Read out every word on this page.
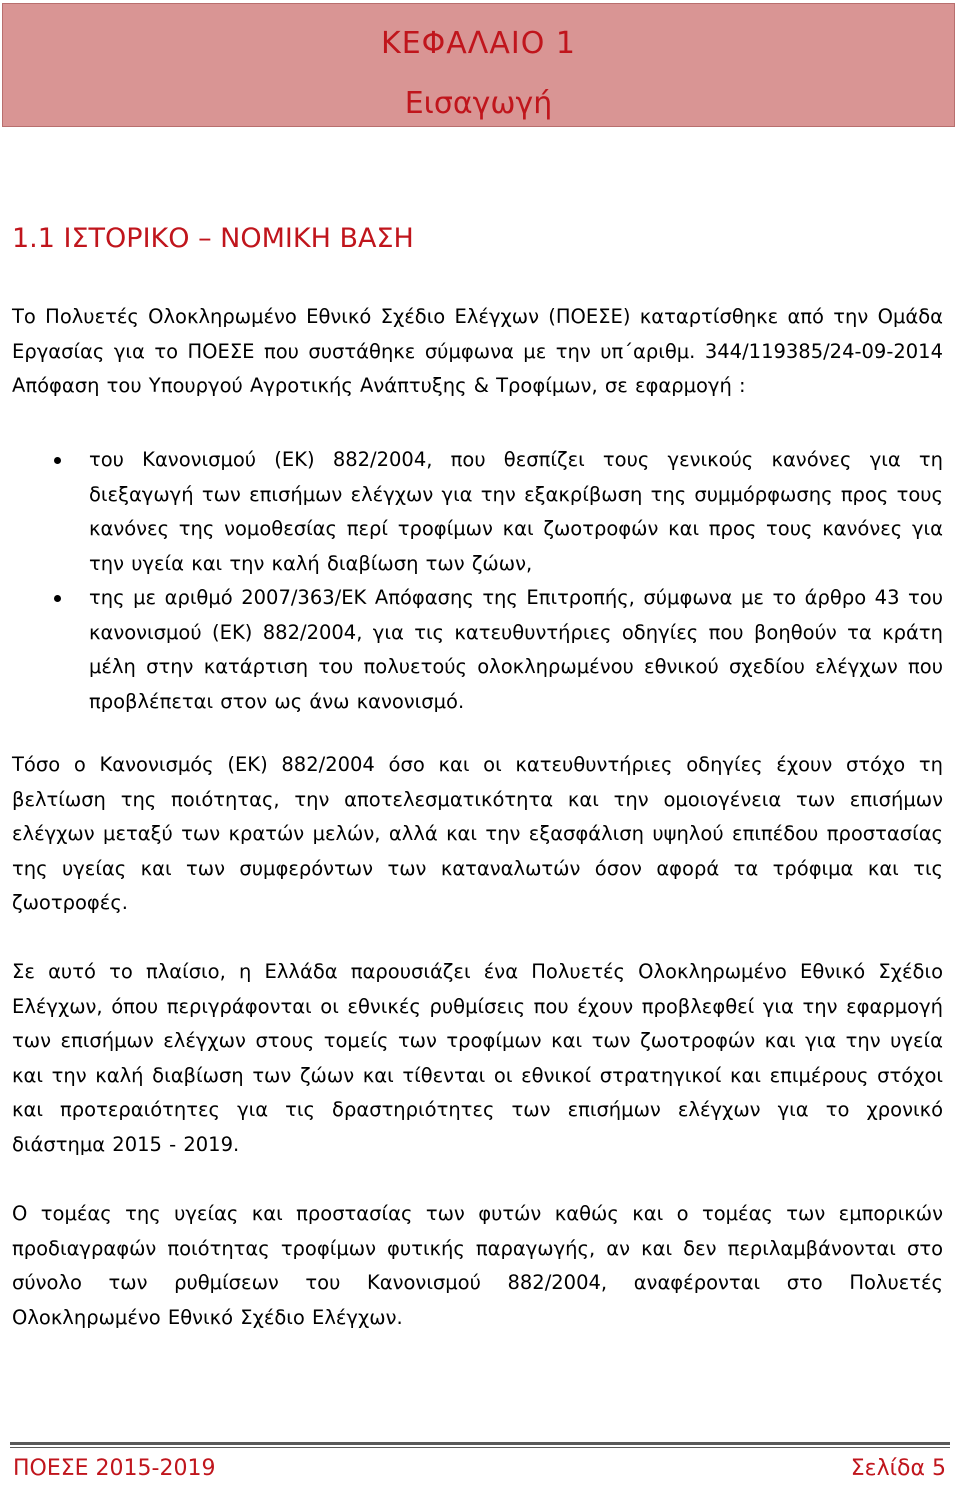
ΚΕΦΑΛΑΙΟ 1
Εισαγωγή
1.1 ΙΣΤΟΡΙΚΟ – ΝΟΜΙΚΗ ΒΑΣΗ

Το Πολυετές Ολοκληρωμένο Εθνικό Σχέδιο Ελέγχων (ΠΟΕΣΕ) καταρτίσθηκε από την Ομάδα Εργασίας για το ΠΟΕΣΕ που συστάθηκε σύμφωνα με την υπ΄αριθμ. 344/119385/24-09-2014 Απόφαση του Υπουργού Αγροτικής Ανάπτυξης & Τροφίμων, σε εφαρμογή :

του Κανονισμού (ΕΚ) 882/2004, που θεσπίζει τους γενικούς κανόνες για τη διεξαγωγή των επισήμων ελέγχων για την εξακρίβωση της συμμόρφωσης προς τους κανόνες της νομοθεσίας περί τροφίμων και ζωοτροφών και προς τους κανόνες για την υγεία και την καλή διαβίωση των ζώων,
της με αριθμό 2007/363/ΕΚ Απόφασης της Επιτροπής, σύμφωνα με το άρθρο 43 του κανονισμού (ΕΚ) 882/2004, για τις κατευθυντήριες οδηγίες που βοηθούν τα κράτη μέλη στην κατάρτιση του πολυετούς ολοκληρωμένου εθνικού σχεδίου ελέγχων που προβλέπεται στον ως άνω κανονισμό.

Τόσο ο Κανονισμός (ΕΚ) 882/2004 όσο και οι κατευθυντήριες οδηγίες έχουν στόχο τη βελτίωση της ποιότητας, την αποτελεσματικότητα και την ομοιογένεια των επισήμων ελέγχων μεταξύ των κρατών μελών, αλλά και την εξασφάλιση υψηλού επιπέδου προστασίας της υγείας και των συμφερόντων των καταναλωτών όσον αφορά τα τρόφιμα και τις ζωοτροφές.

Σε αυτό το πλαίσιο, η Ελλάδα παρουσιάζει ένα Πολυετές Ολοκληρωμένο Εθνικό Σχέδιο Ελέγχων, όπου περιγράφονται οι εθνικές ρυθμίσεις που έχουν προβλεφθεί για την εφαρμογή των επισήμων ελέγχων στους τομείς των τροφίμων και των ζωοτροφών και για την υγεία και την καλή διαβίωση των ζώων και τίθενται οι εθνικοί στρατηγικοί και επιμέρους στόχοι και προτεραιότητες για τις δραστηριότητες των επισήμων ελέγχων για το χρονικό διάστημα 2015 - 2019.

Ο τομέας της υγείας και προστασίας των φυτών καθώς και ο τομέας των εμπορικών προδιαγραφών ποιότητας τροφίμων φυτικής παραγωγής, αν και δεν περιλαμβάνονται στο σύνολο των ρυθμίσεων του Κανονισμού 882/2004, αναφέρονται στο Πολυετές Ολοκληρωμένο Εθνικό Σχέδιο Ελέγχων.

ΠΟΕΣΕ 2015-2019	Σελίδα 5
